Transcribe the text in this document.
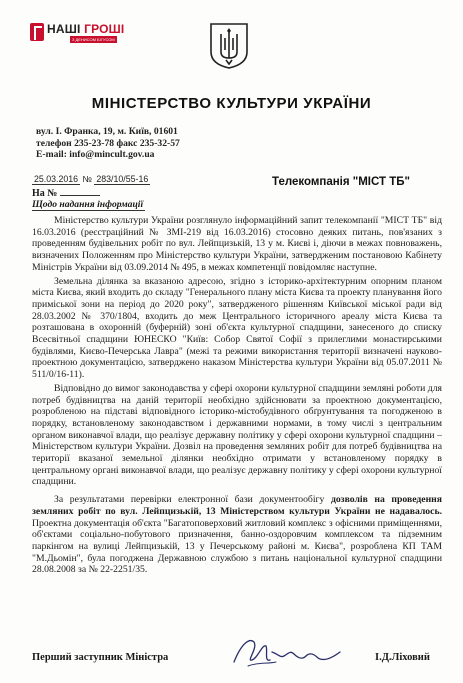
НАШІ ГРОШІ
З ДЕНИСОМ БІГУСОМ
МІНІСТЕРСТВО КУЛЬТУРИ УКРАЇНИ
вул. І. Франка, 19, м. Київ, 01601
телефон 235-23-78 факс 235-32-57
E-mail: info@mincult.gov.ua
25.03.2016 № 283/10/55-16
На №
Щодо надання інформації
Телекомпанія "МІСТ ТБ"

Міністерство культури України розглянуло інформаційний запит телекомпанії "МІСТ ТБ" від 16.03.2016 (реєстраційний № ЗМІ-219 від 16.03.2016) стосовно деяких питань, пов'язаних з проведенням будівельних робіт по вул. Лейпцизькій, 13 у м. Києві і, діючи в межах повноважень, визначених Положенням про Міністерство культури України, затвердженим постановою Кабінету Міністрів України від 03.09.2014 № 495, в межах компетенції повідомляє наступне.

Земельна ділянка за вказаною адресою, згідно з історико-архітектурним опорним планом міста Києва, який входить до складу "Генерального плану міста Києва та проекту планування його приміської зони на період до 2020 року", затвердженого рішенням Київської міської ради від 28.03.2002 № 370/1804, входить до меж Центрального історичного ареалу міста Києва та розташована в охоронній (буферній) зоні об'єкта культурної спадщини, занесеного до списку Всесвітньої спадщини ЮНЕСКО "Київ: Собор Святої Софії з прилеглими монастирськими будівлями, Києво-Печерська Лавра" (межі та режими використання території визначені науково-проектною документацією, затверджено наказом Міністерства культури України від 05.07.2011 № 511/0/16-11).

Відповідно до вимог законодавства у сфері охорони культурної спадщини земляні роботи для потреб будівництва на даній території необхідно здійснювати за проектною документацією, розробленою на підставі відповідного історико-містобудівного обґрунтування та погодженою в порядку, встановленому законодавством і державними нормами, в тому числі з центральним органом виконавчої влади, що реалізує державну політику у сфері охорони культурної спадщини – Міністерством культури України. Дозвіл на проведення земляних робіт для потреб будівництва на території вказаної земельної ділянки необхідно отримати у встановленому порядку в центральному органі виконавчої влади, що реалізує державну політику у сфері охорони культурної спадщини.

За результатами перевірки електронної бази документообігу дозволів на проведення земляних робіт по вул. Лейпцизькій, 13 Міністерством культури України не надавалось. Проектна документація об'єкта "Багатоповерховий житловий комплекс з офісними приміщеннями, об'єктами соціально-побутового призначення, банно-оздоровчим комплексом та підземним паркінгом на вулиці Лейпцизькій, 13 у Печерському районі м. Києва", розроблена КП ТАМ "М.Дьомін", була погоджена Державною службою з питань національної культурної спадщини 28.08.2008 за № 22-2251/35.

Перший заступник Міністра	І.Д.Ліховий
